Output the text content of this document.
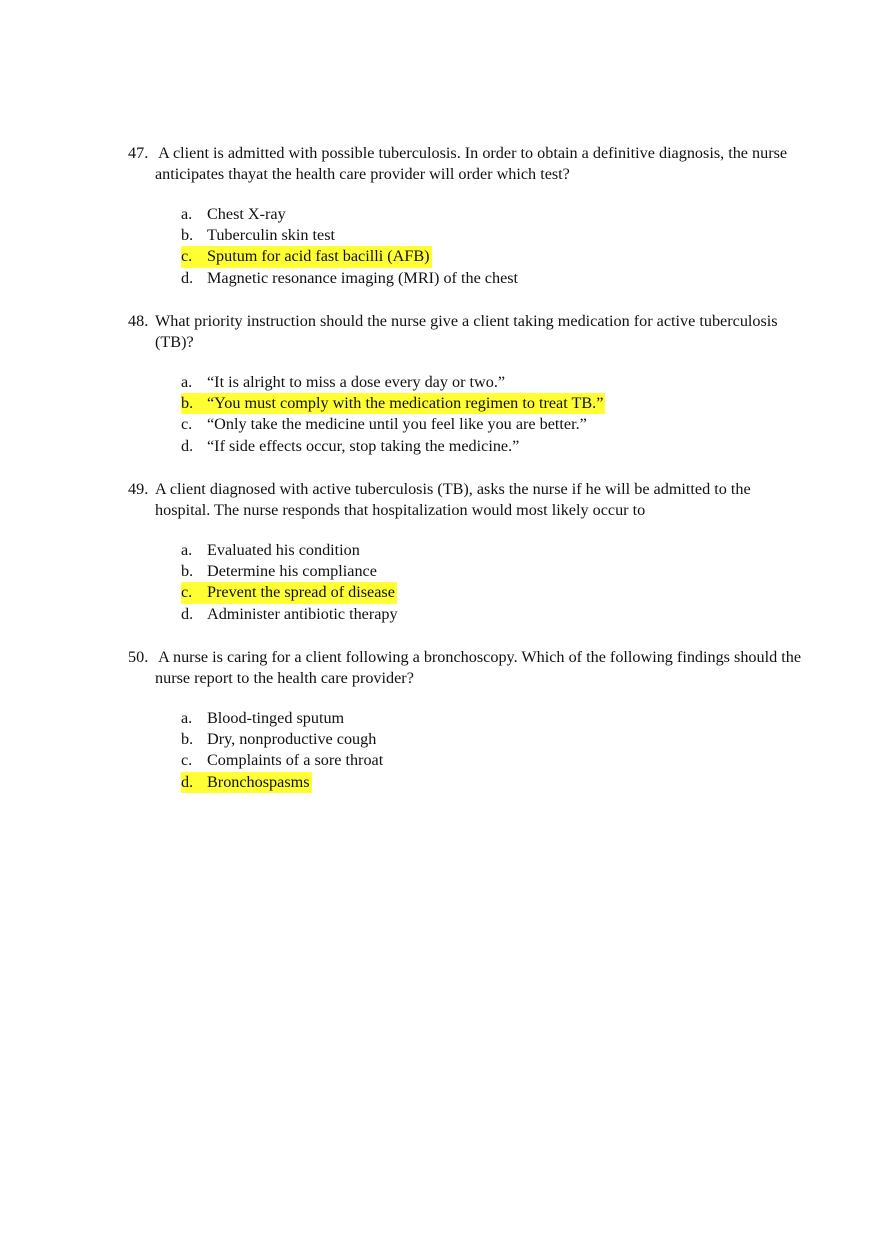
47. A client is admitted with possible tuberculosis. In order to obtain a definitive diagnosis, the nurse anticipates thayat the health care provider will order which test?
a. Chest X-ray
b. Tuberculin skin test
c. Sputum for acid fast bacilli (AFB)
d. Magnetic resonance imaging (MRI) of the chest
48. What priority instruction should the nurse give a client taking medication for active tuberculosis (TB)?
a. “It is alright to miss a dose every day or two.”
b. “You must comply with the medication regimen to treat TB.”
c. “Only take the medicine until you feel like you are better.”
d. “If side effects occur, stop taking the medicine.”
49. A client diagnosed with active tuberculosis (TB), asks the nurse if he will be admitted to the hospital. The nurse responds that hospitalization would most likely occur to
a. Evaluated his condition
b. Determine his compliance
c. Prevent the spread of disease
d. Administer antibiotic therapy
50. A nurse is caring for a client following a bronchoscopy. Which of the following findings should the nurse report to the health care provider?
a. Blood-tinged sputum
b. Dry, nonproductive cough
c. Complaints of a sore throat
d. Bronchospasms
